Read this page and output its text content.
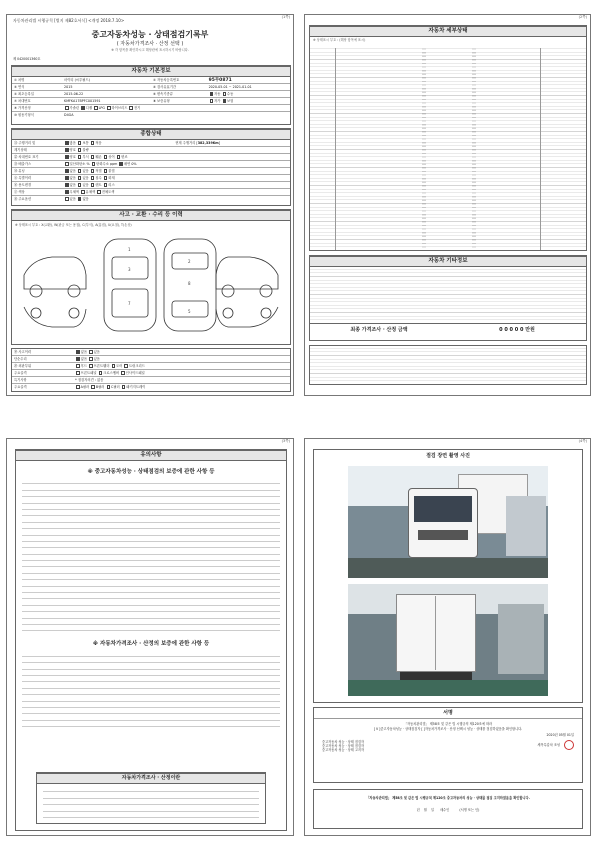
자동차관리법 시행규칙 [별지 제82호서식] <개정 2018.7.10>
(1쪽)
중고자동차성능 · 상태점검기록부
( 자동차가격조사 · 산정 선택 )
※ 각 항목을 확인하시고 해당란에 표시하시기 바랍니다.
제 0420001360호
자동차 기본정보
① 차명	마이티 (씨투필드)	② 자동차등록번호	95무0871
③ 연식	2015	④ 검사유효기간	2020-05-01 ~ 2021-01-01
⑤ 최초등록일	2015-06-22	⑥ 변속기종류	자동 수동
⑦ 차대번호	KMFKA17BPFC001591	⑧ 보증유형	자가 보험
⑨ 가격산정	가솔린 디젤 LPG 하이브리드 전기
⑩ 원동기형식	D4GA
종합상태
⑪ 주행거리 및	많음 보통 적음	현재 주행거리 [382,339Km]
계기상태	양호 불량
⑫ 차대번호 표기	양호 부식 훼손 상이 변조
⑬ 배출가스	일산화탄소 % 탄화수소 ppm 매연 0%
⑭ 튜닝	없음 있음 적법 불법
⑮ 특별이력	없음 있음 침수 화재
⑯ 용도변경	없음 있음 렌트 리스
⑰ 색상	무채색 유채색 전체도색
⑱ 주요옵션	있음 없음
사고 · 교환 · 수리 등 이력
※ 상태표시 부호 : X(교환), W(판금 또는 용접), C(부식), A(흠집), U(요철), T(손상)
1
3
7
2
8
5
⑲ 사고이력	없음 있음
단순수리	없음 있음
⑳ 외판부위	후드 프론트휀더 도어 트렁크리드
주요골격	프론트패널 크로스멤버 인사이드패널
특기사항	* 점검자의견 : 없음
주요골격	A필러 B필러 C필러 패키지트레이
(2쪽)
자동차 세부상태
※ 상태표시 부호 : (해당 항목에 표시)
자동차 기타정보
최종 가격조사 · 산정 금액	0 0 0 0 0 만원
(3쪽)
유의사항
※ 중고자동차성능 · 상태점검의 보증에 관한 사항 등
※ 자동차가격조사 · 산정의 보증에 관한 사항 등
자동차가격조사 · 산정이란
(4쪽)
점검 장면 촬영 사진
서명
「자동차관리법」 제58조 및 같은 법 시행규칙 제120조에 따라
[ V ]중고자동차성능 · 상태점검자 [ ]자동차가격조사 · 산정 선택시 성능 · 상태를 점검하였음을 확인합니다.
2020년 05월 01일
중고자동차 성능 · 상태 점검자
중고자동차 성능 · 상태 점검자
중고자동차 성능 · 상태 고지자
세목특갑차 조성
「자동차관리법」 제58조 및 같은 법 시행규칙 제120조 중고자동차의 성능 · 상태를 점검 고지하였음을 확인합니다.
년    월    일      매수인          (서명 또는 인)
